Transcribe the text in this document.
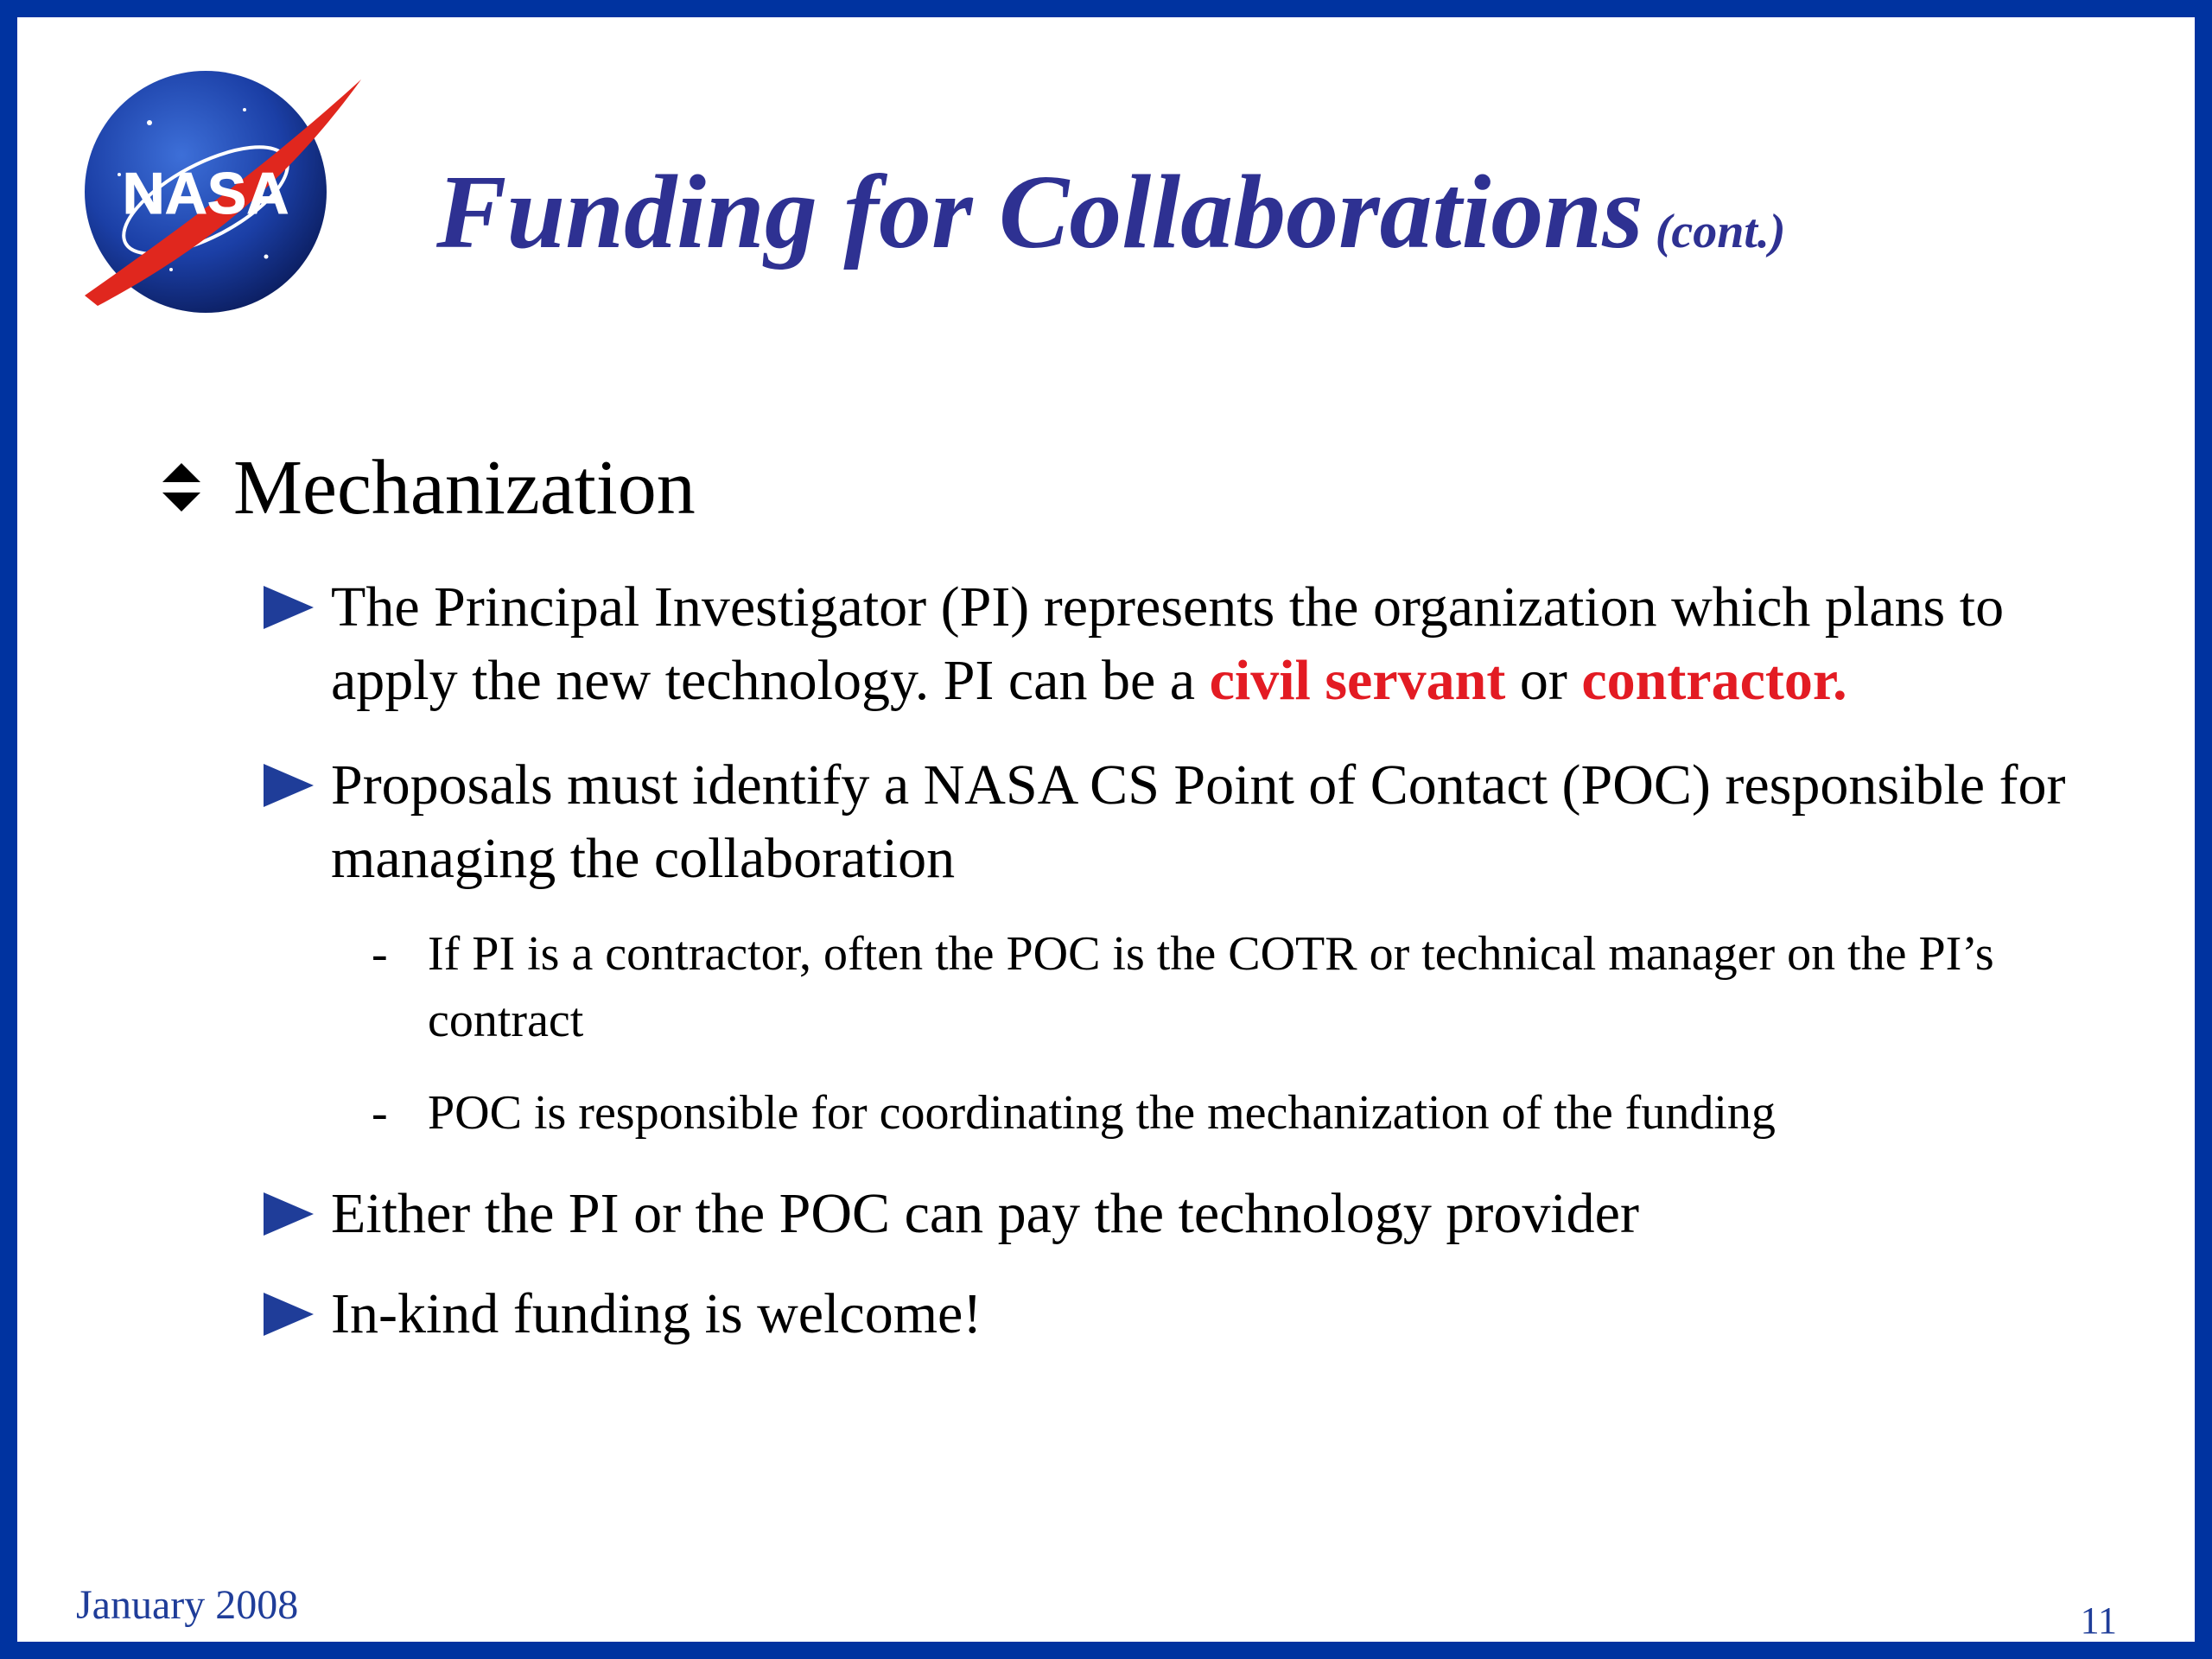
NASA Funding for Collaborations (cont.)
Mechanization
The Principal Investigator (PI) represents the organization which plans to apply the new technology. PI can be a civil servant or contractor.
Proposals must identify a NASA CS Point of Contact (POC) responsible for managing the collaboration
- If PI is a contractor, often the POC is the COTR or technical manager on the PI’s contract
- POC is responsible for coordinating the mechanization of the funding
Either the PI or the POC can pay the technology provider
In-kind funding is welcome!
January 2008	11
